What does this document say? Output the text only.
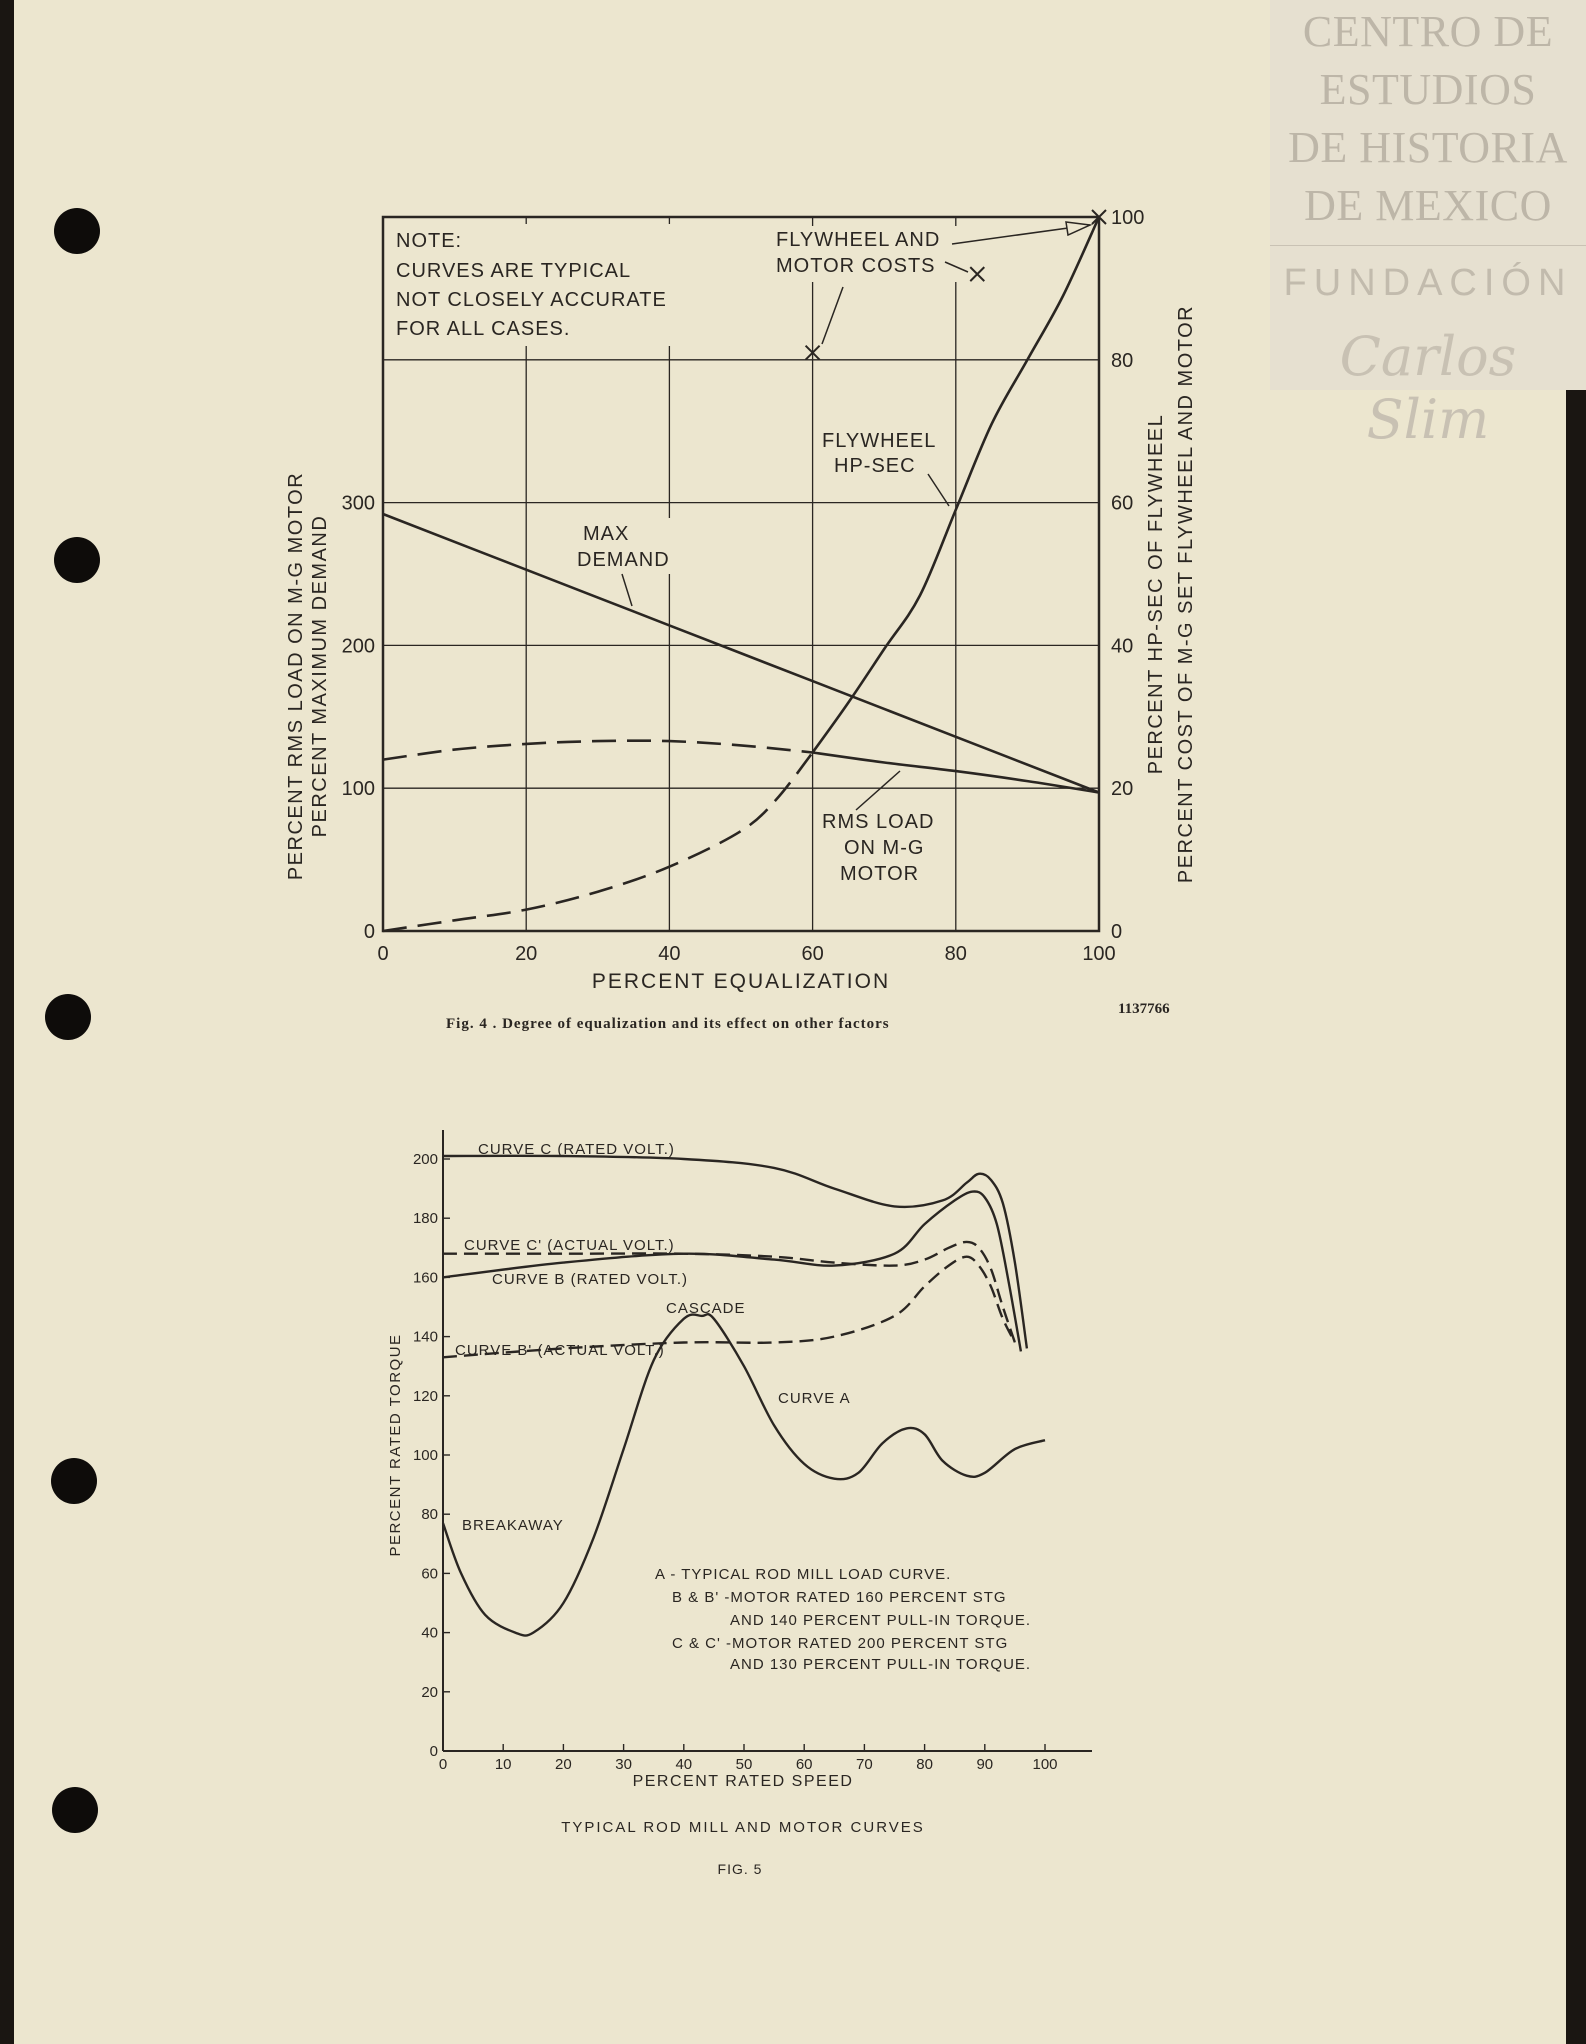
CENTRO DE
ESTUDIOS
DE HISTORIA
DE MEXICO
FUNDACIÓN
Carlos Slim
0	20	40	60	80	100
0
100
200
300
0
20
40
60
80
100
NOTE:
CURVES ARE TYPICAL
NOT CLOSELY ACCURATE
FOR ALL CASES.
FLYWHEEL AND
MOTOR COSTS
FLYWHEEL
HP-SEC
MAX
DEMAND
RMS LOAD
ON M-G
MOTOR
PERCENT EQUALIZATION
PERCENT RMS LOAD ON M-G MOTOR PERCENT MAXIMUM DEMAND	PERCENT HP-SEC OF FLYWHEEL PERCENT COST OF M-G SET FLYWHEEL AND MOTOR
Fig. 4 . Degree of equalization and its effect on other factors
1137766
0	10	20	30	40	50	60	70	80	90	100
0
20
40
60
80
100
120
140
160
180
200
CURVE C (RATED VOLT.)
CURVE C' (ACTUAL VOLT.)
CURVE B (RATED VOLT.)
CURVE B' (ACTUAL VOLT.)
CASCADE
CURVE A
BREAKAWAY
A - TYPICAL ROD MILL LOAD CURVE.
B & B' -MOTOR RATED 160 PERCENT STG
AND 140 PERCENT PULL-IN TORQUE.
C & C' -MOTOR RATED 200 PERCENT STG
AND 130 PERCENT PULL-IN TORQUE.
PERCENT RATED SPEED
PERCENT RATED TORQUE
TYPICAL ROD MILL AND MOTOR CURVES
FIG. 5
